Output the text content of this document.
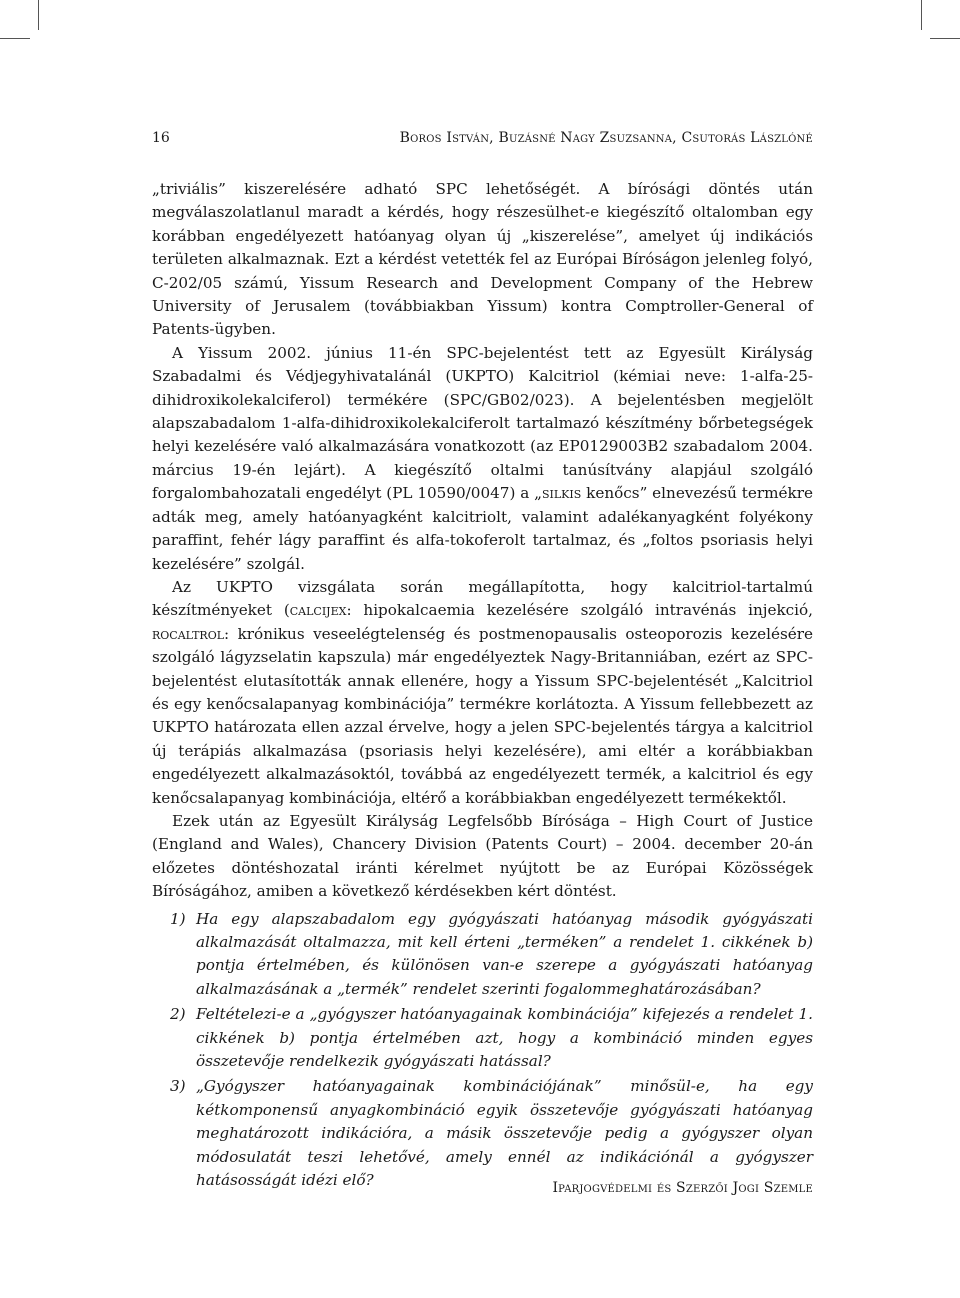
16	Boros István, Buzásné Nagy Zsuzsanna, Csutorás Lászlóné

„triviális” kiszerelésére adható SPC lehetőségét. A bírósági döntés után megválaszolatlanul maradt a kérdés, hogy részesülhet-e kiegészítő oltalomban egy korábban engedélyezett hatóanyag olyan új „kiszerelése”, amelyet új indikációs területen alkalmaznak. Ezt a kérdést vetették fel az Európai Bíróságon jelenleg folyó, C-202/05 számú, Yissum Research and Development Company of the Hebrew University of Jerusalem (továbbiakban Yissum) kontra Comptroller-General of Patents-ügyben.

A Yissum 2002. június 11-én SPC-bejelentést tett az Egyesült Királyság Szabadalmi és Védjegyhivatalánál (UKPTO) Kalcitriol (kémiai neve: 1-alfa-25-dihidroxikolekalciferol) termékére (SPC/GB02/023). A bejelentésben megjelölt alapszabadalom 1-alfa-dihidroxikolekalciferolt tartalmazó készítmény bőrbetegségek helyi kezelésére való alkalmazására vonatkozott (az EP0129003B2 szabadalom 2004. március 19-én lejárt). A kiegészítő oltalmi tanúsítvány alapjául szolgáló forgalombahozatali engedélyt (PL 10590/0047) a „silkis kenőcs” elnevezésű termékre adták meg, amely hatóanyagként kalcitriolt, valamint adalékanyagként folyékony paraffint, fehér lágy paraffint és alfa-tokoferolt tartalmaz, és „foltos psoriasis helyi kezelésére” szolgál.

Az UKPTO vizsgálata során megállapította, hogy kalcitriol-tartalmú készítményeket (calcijex: hipokalcaemia kezelésére szolgáló intravénás injekció, rocaltrol: krónikus veseelégtelenség és postmenopausalis osteoporozis kezelésére szolgáló lágyzselatin kapszula) már engedélyeztek Nagy-Britanniában, ezért az SPC-bejelentést elutasították annak ellenére, hogy a Yissum SPC-bejelentését „Kalcitriol és egy kenőcsalapanyag kombinációja” termékre korlátozta. A Yissum fellebbezett az UKPTO határozata ellen azzal érvelve, hogy a jelen SPC-bejelentés tárgya a kalcitriol új terápiás alkalmazása (psoriasis helyi kezelésére), ami eltér a korábbiakban engedélyezett alkalmazásoktól, továbbá az engedélyezett termék, a kalcitriol és egy kenőcsalapanyag kombinációja, eltérő a korábbiakban engedélyezett termékektől.

Ezek után az Egyesült Királyság Legfelsőbb Bírósága – High Court of Justice (England and Wales), Chancery Division (Patents Court) – 2004. december 20-án előzetes döntéshozatal iránti kérelmet nyújtott be az Európai Közösségek Bíróságához, amiben a következő kérdésekben kért döntést.

1) Ha egy alapszabadalom egy gyógyászati hatóanyag második gyógyászati alkalmazását oltalmazza, mit kell érteni „terméken” a rendelet 1. cikkének b) pontja értelmében, és különösen van-e szerepe a gyógyászati hatóanyag alkalmazásának a „termék” rendelet szerinti fogalommeghatározásában?
2) Feltételezi-e a „gyógyszer hatóanyagainak kombinációja” kifejezés a rendelet 1. cikkének b) pontja értelmében azt, hogy a kombináció minden egyes összetevője rendelkezik gyógyászati hatással?
3) „Gyógyszer hatóanyagainak kombinációjának” minősül-e, ha egy kétkomponensű anyagkombináció egyik összetevője gyógyászati hatóanyag meghatározott indikációra, a másik összetevője pedig a gyógyszer olyan módosulatát teszi lehetővé, amely ennél az indikációnál a gyógyszer hatásosságát idézi elő?	Iparjogvédelmi és Szerzői Jogi Szemle
